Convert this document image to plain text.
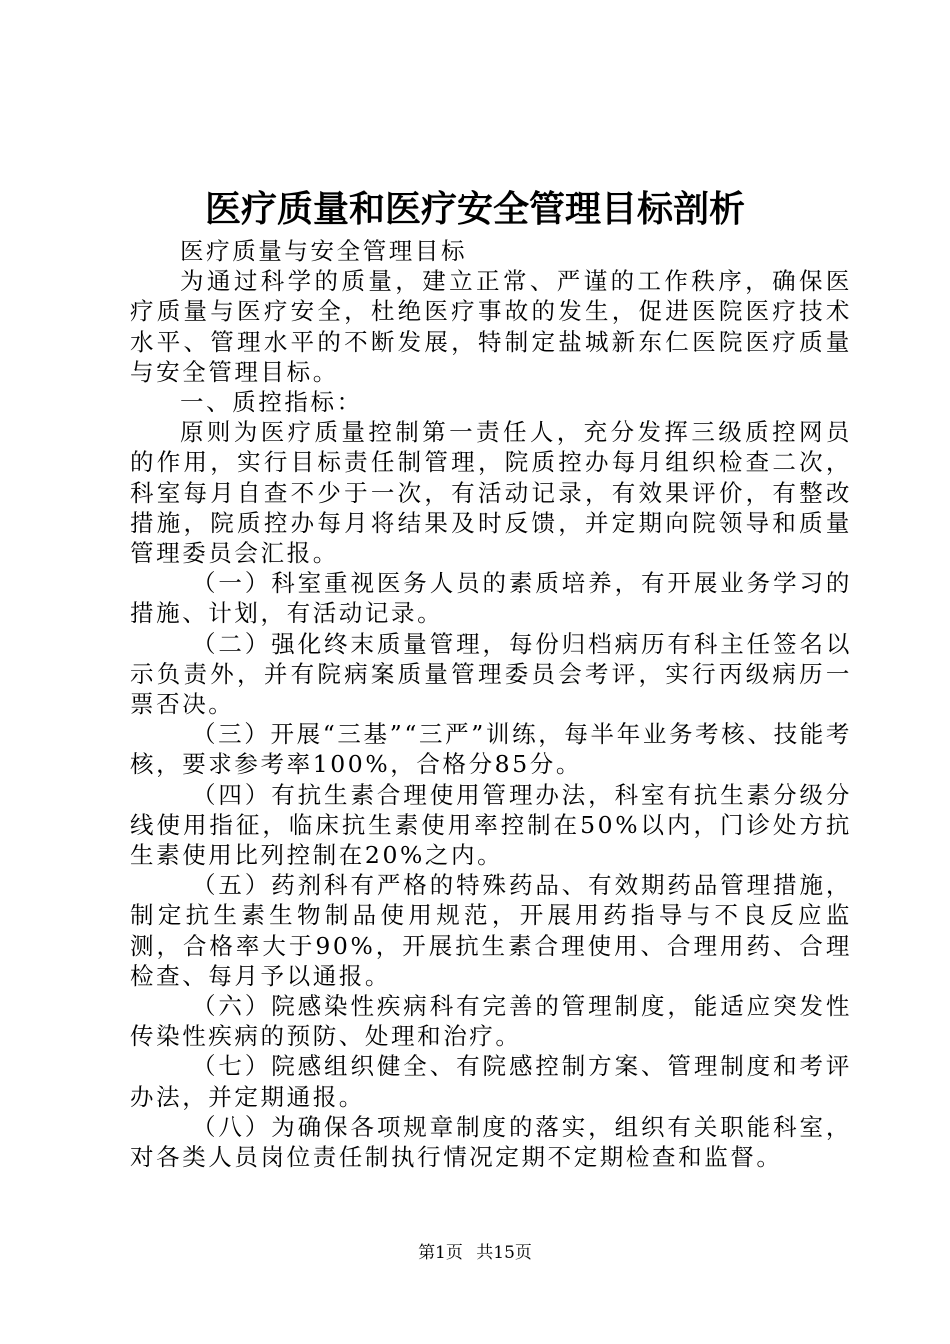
医疗质量和医疗安全管理目标剖析

医疗质量与安全管理目标

为通过科学的质量，建立正常、严谨的工作秩序，确保医疗质量与医疗安全，杜绝医疗事故的发生，促进医院医疗技术水平、管理水平的不断发展，特制定盐城新东仁医院医疗质量与安全管理目标。

一、质控指标：

原则为医疗质量控制第一责任人，充分发挥三级质控网员的作用，实行目标责任制管理，院质控办每月组织检查二次，科室每月自查不少于一次，有活动记录，有效果评价，有整改措施，院质控办每月将结果及时反馈，并定期向院领导和质量管理委员会汇报。

（一）科室重视医务人员的素质培养，有开展业务学习的措施、计划，有活动记录。

（二）强化终末质量管理，每份归档病历有科主任签名以示负责外，并有院病案质量管理委员会考评，实行丙级病历一票否决。

（三）开展“三基”“三严”训练，每半年业务考核、技能考核，要求参考率100%，合格分85分。

（四）有抗生素合理使用管理办法，科室有抗生素分级分线使用指征，临床抗生素使用率控制在50%以内，门诊处方抗生素使用比列控制在20%之内。

（五）药剂科有严格的特殊药品、有效期药品管理措施，制定抗生素生物制品使用规范，开展用药指导与不良反应监测，合格率大于90%，开展抗生素合理使用、合理用药、合理检查、每月予以通报。

（六）院感染性疾病科有完善的管理制度，能适应突发性传染性疾病的预防、处理和治疗。

（七）院感组织健全、有院感控制方案、管理制度和考评办法，并定期通报。

（八）为确保各项规章制度的落实，组织有关职能科室，对各类人员岗位责任制执行情况定期不定期检查和监督。

第1页 共15页
